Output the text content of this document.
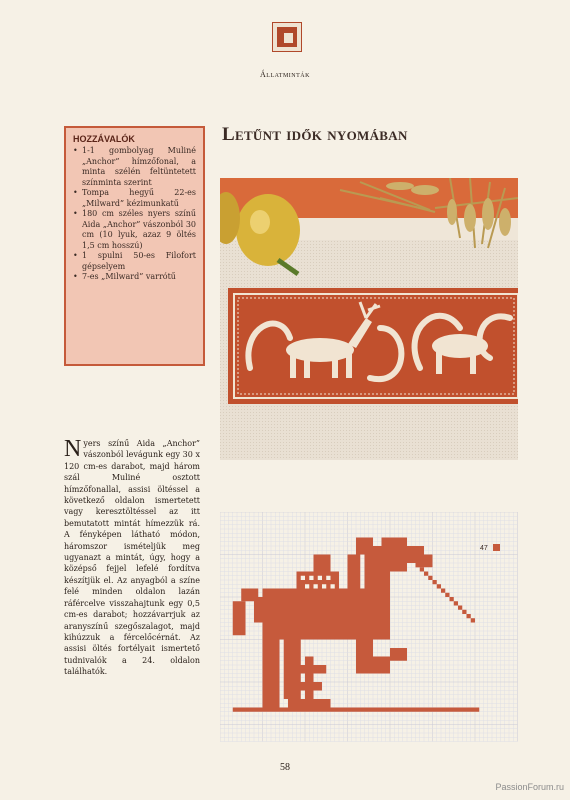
Állatminták
Letűnt idők nyomában
HOZZÁVALÓK
• 1-1 gombolyag Muliné „Anchor” hímzőfonal, a minta szélén feltüntetett színminta szerint
• Tompa hegyű 22-es „Milward” kézimunkatű
• 180 cm széles nyers színű Aida „Anchor” vászonból 30 cm (10 lyuk, azaz 9 öltés 1,5 cm hosszú)
• 1 spulni 50-es Filofort gépselyem
• 7-es „Milward” varrótű
Nyers színű Aida „Anchor” vászonból levágunk egy 30 x 120 cm-es darabot, majd három szál Muliné osztott hímzőfonallal, assisi öltéssel a következő oldalon ismertetett vagy keresztöltéssel az itt bemutatott mintát hímezzük rá. A fényképen látható módon, háromszor ismételjük meg ugyanazt a mintát, úgy, hogy a középső fejjel lefelé fordítva készítjük el. Az anyagból a színe felé minden oldalon lazán ráfércelve visszahajtunk egy 0,5 cm-es darabot; hozzávarrjuk az aranyszínű szegőszalagot, majd kihúzzuk a fércelőcérnát. Az assisi öltés fortélyait ismertető tudnivalók a 24. oldalon találhatók.
47
58
PassionForum.ru
